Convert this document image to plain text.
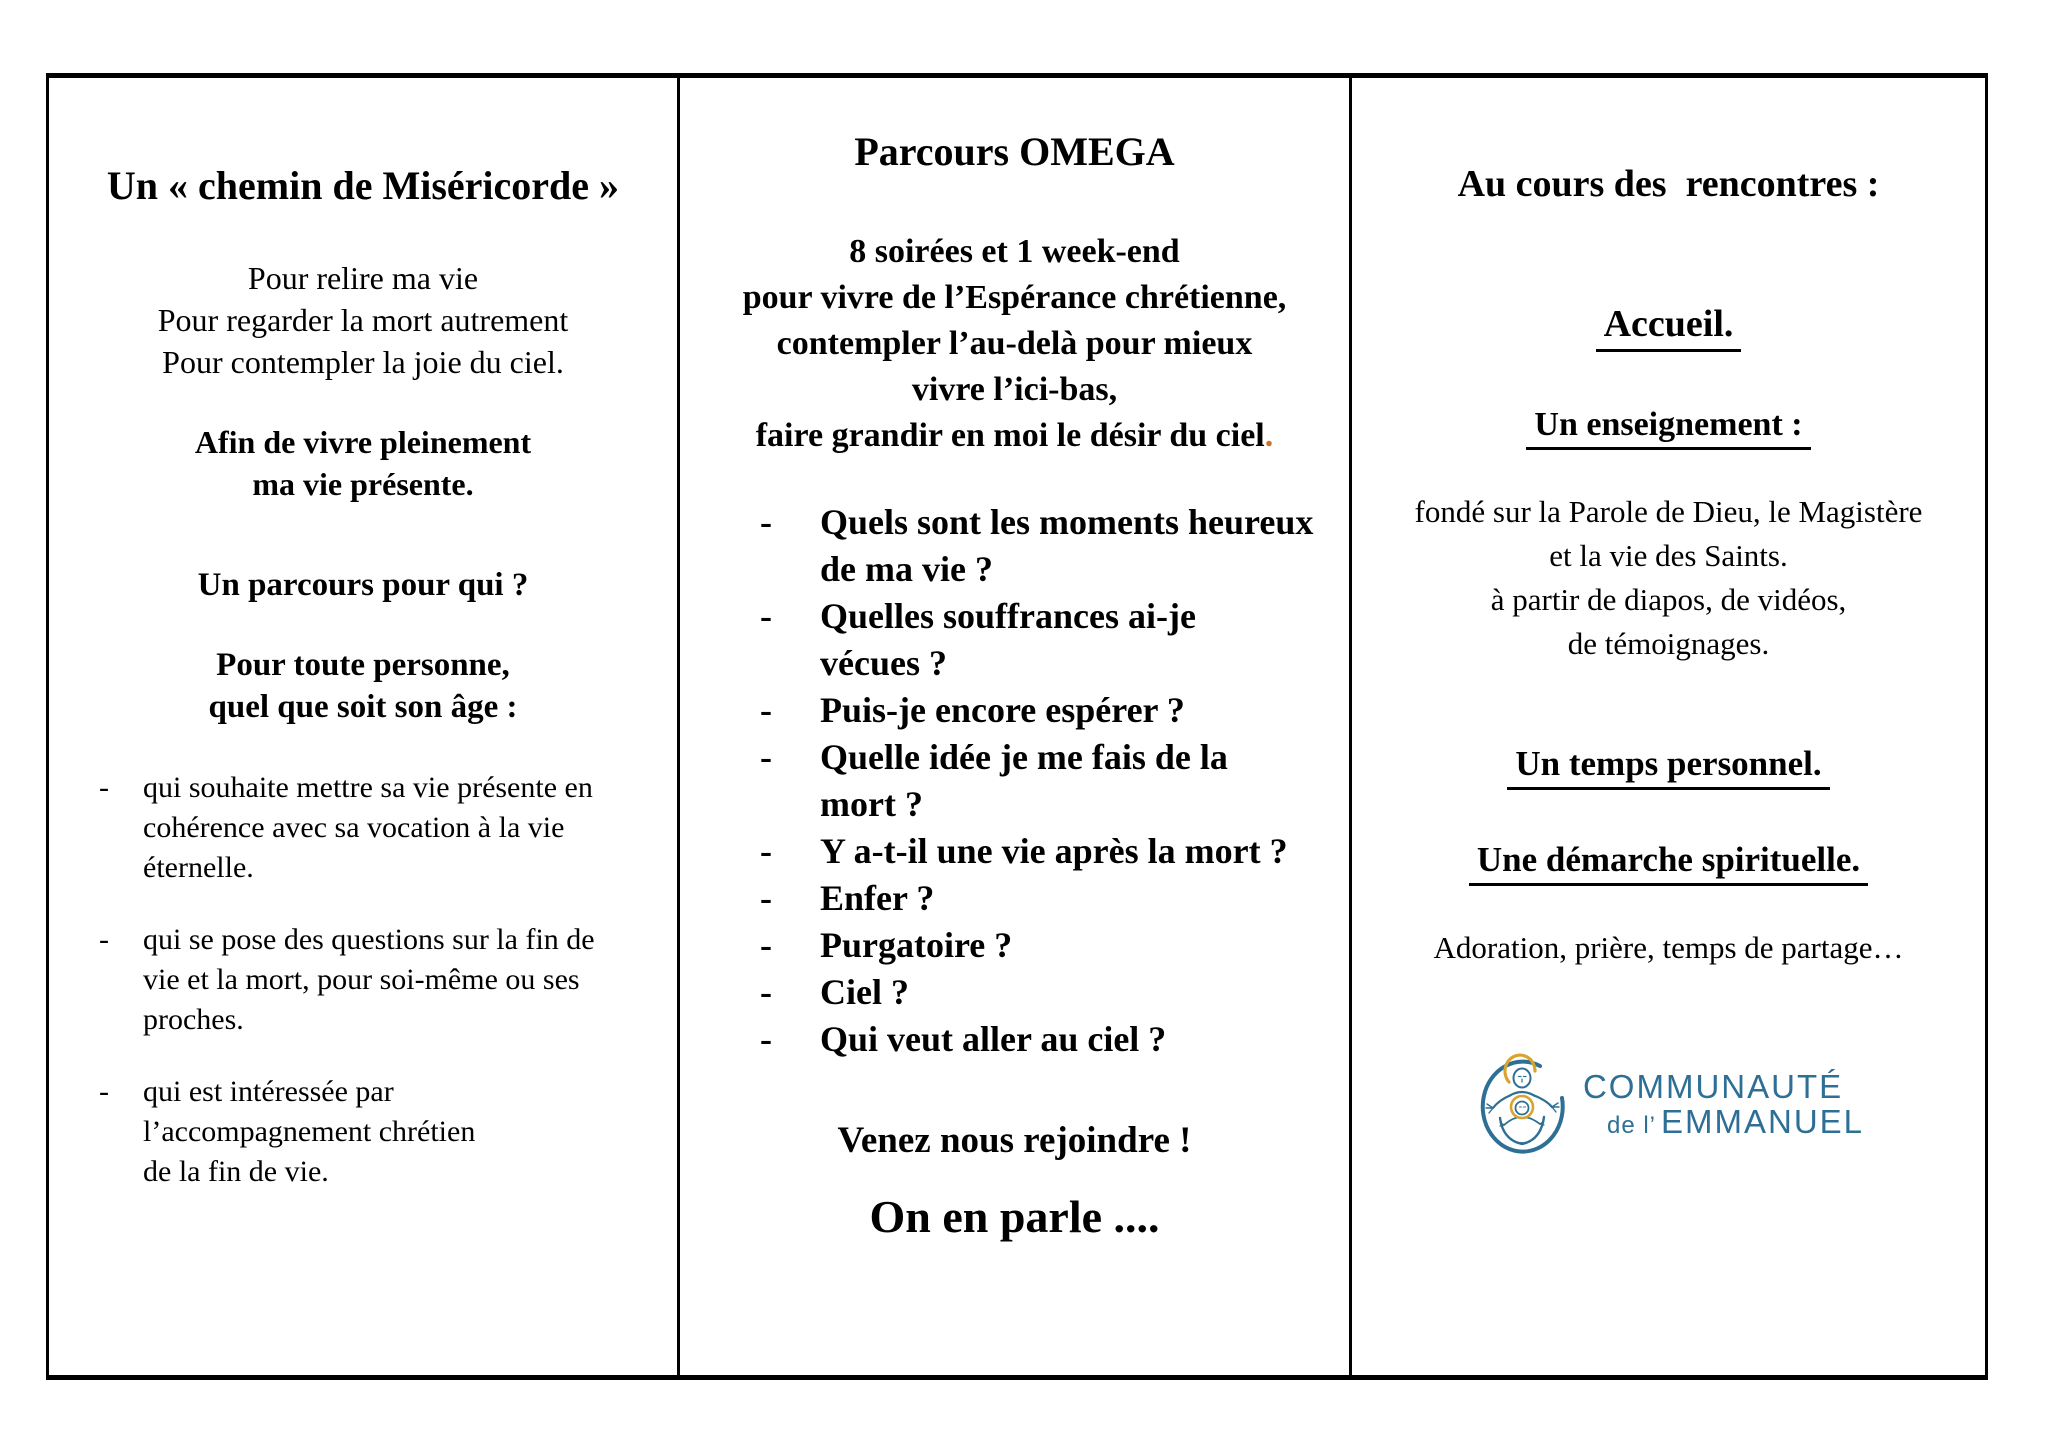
Un « chemin de Miséricorde »
Pour relire ma vie
Pour regarder la mort autrement
Pour contempler la joie du ciel.
Afin de vivre pleinement
ma vie présente.
Un parcours pour qui ?
Pour toute personne,
quel que soit son âge :
-	qui souhaite mettre sa vie présente en
cohérence avec sa vocation à la vie
éternelle.
-	qui se pose des questions sur la fin de
vie et la mort, pour soi-même ou ses
proches.
-	qui est intéressée par
l’accompagnement chrétien
de la fin de vie.
Parcours OMEGA
8 soirées et 1 week-end
pour vivre de l’Espérance chrétienne,
contempler l’au-delà pour mieux
vivre l’ici-bas,
faire grandir en moi le désir du ciel.
-	Quels sont les moments heureux
de ma vie ?
-	Quelles souffrances ai-je
vécues ?
-	Puis-je encore espérer ?
-	Quelle idée je me fais de la
mort ?
-	Y a-t-il une vie après la mort ?
-	Enfer ?
-	Purgatoire ?
-	Ciel ?
-	Qui veut aller au ciel ?
Venez nous rejoindre !
On en parle ....
Au cours des  rencontres :
Accueil.
Un enseignement :
fondé sur la Parole de Dieu, le Magistère
et la vie des Saints.
à partir de diapos, de vidéos,
de témoignages.
Un temps personnel.
Une démarche spirituelle.
Adoration, prière, temps de partage…
COMMUNAUTÉ
de l’ EMMANUEL
